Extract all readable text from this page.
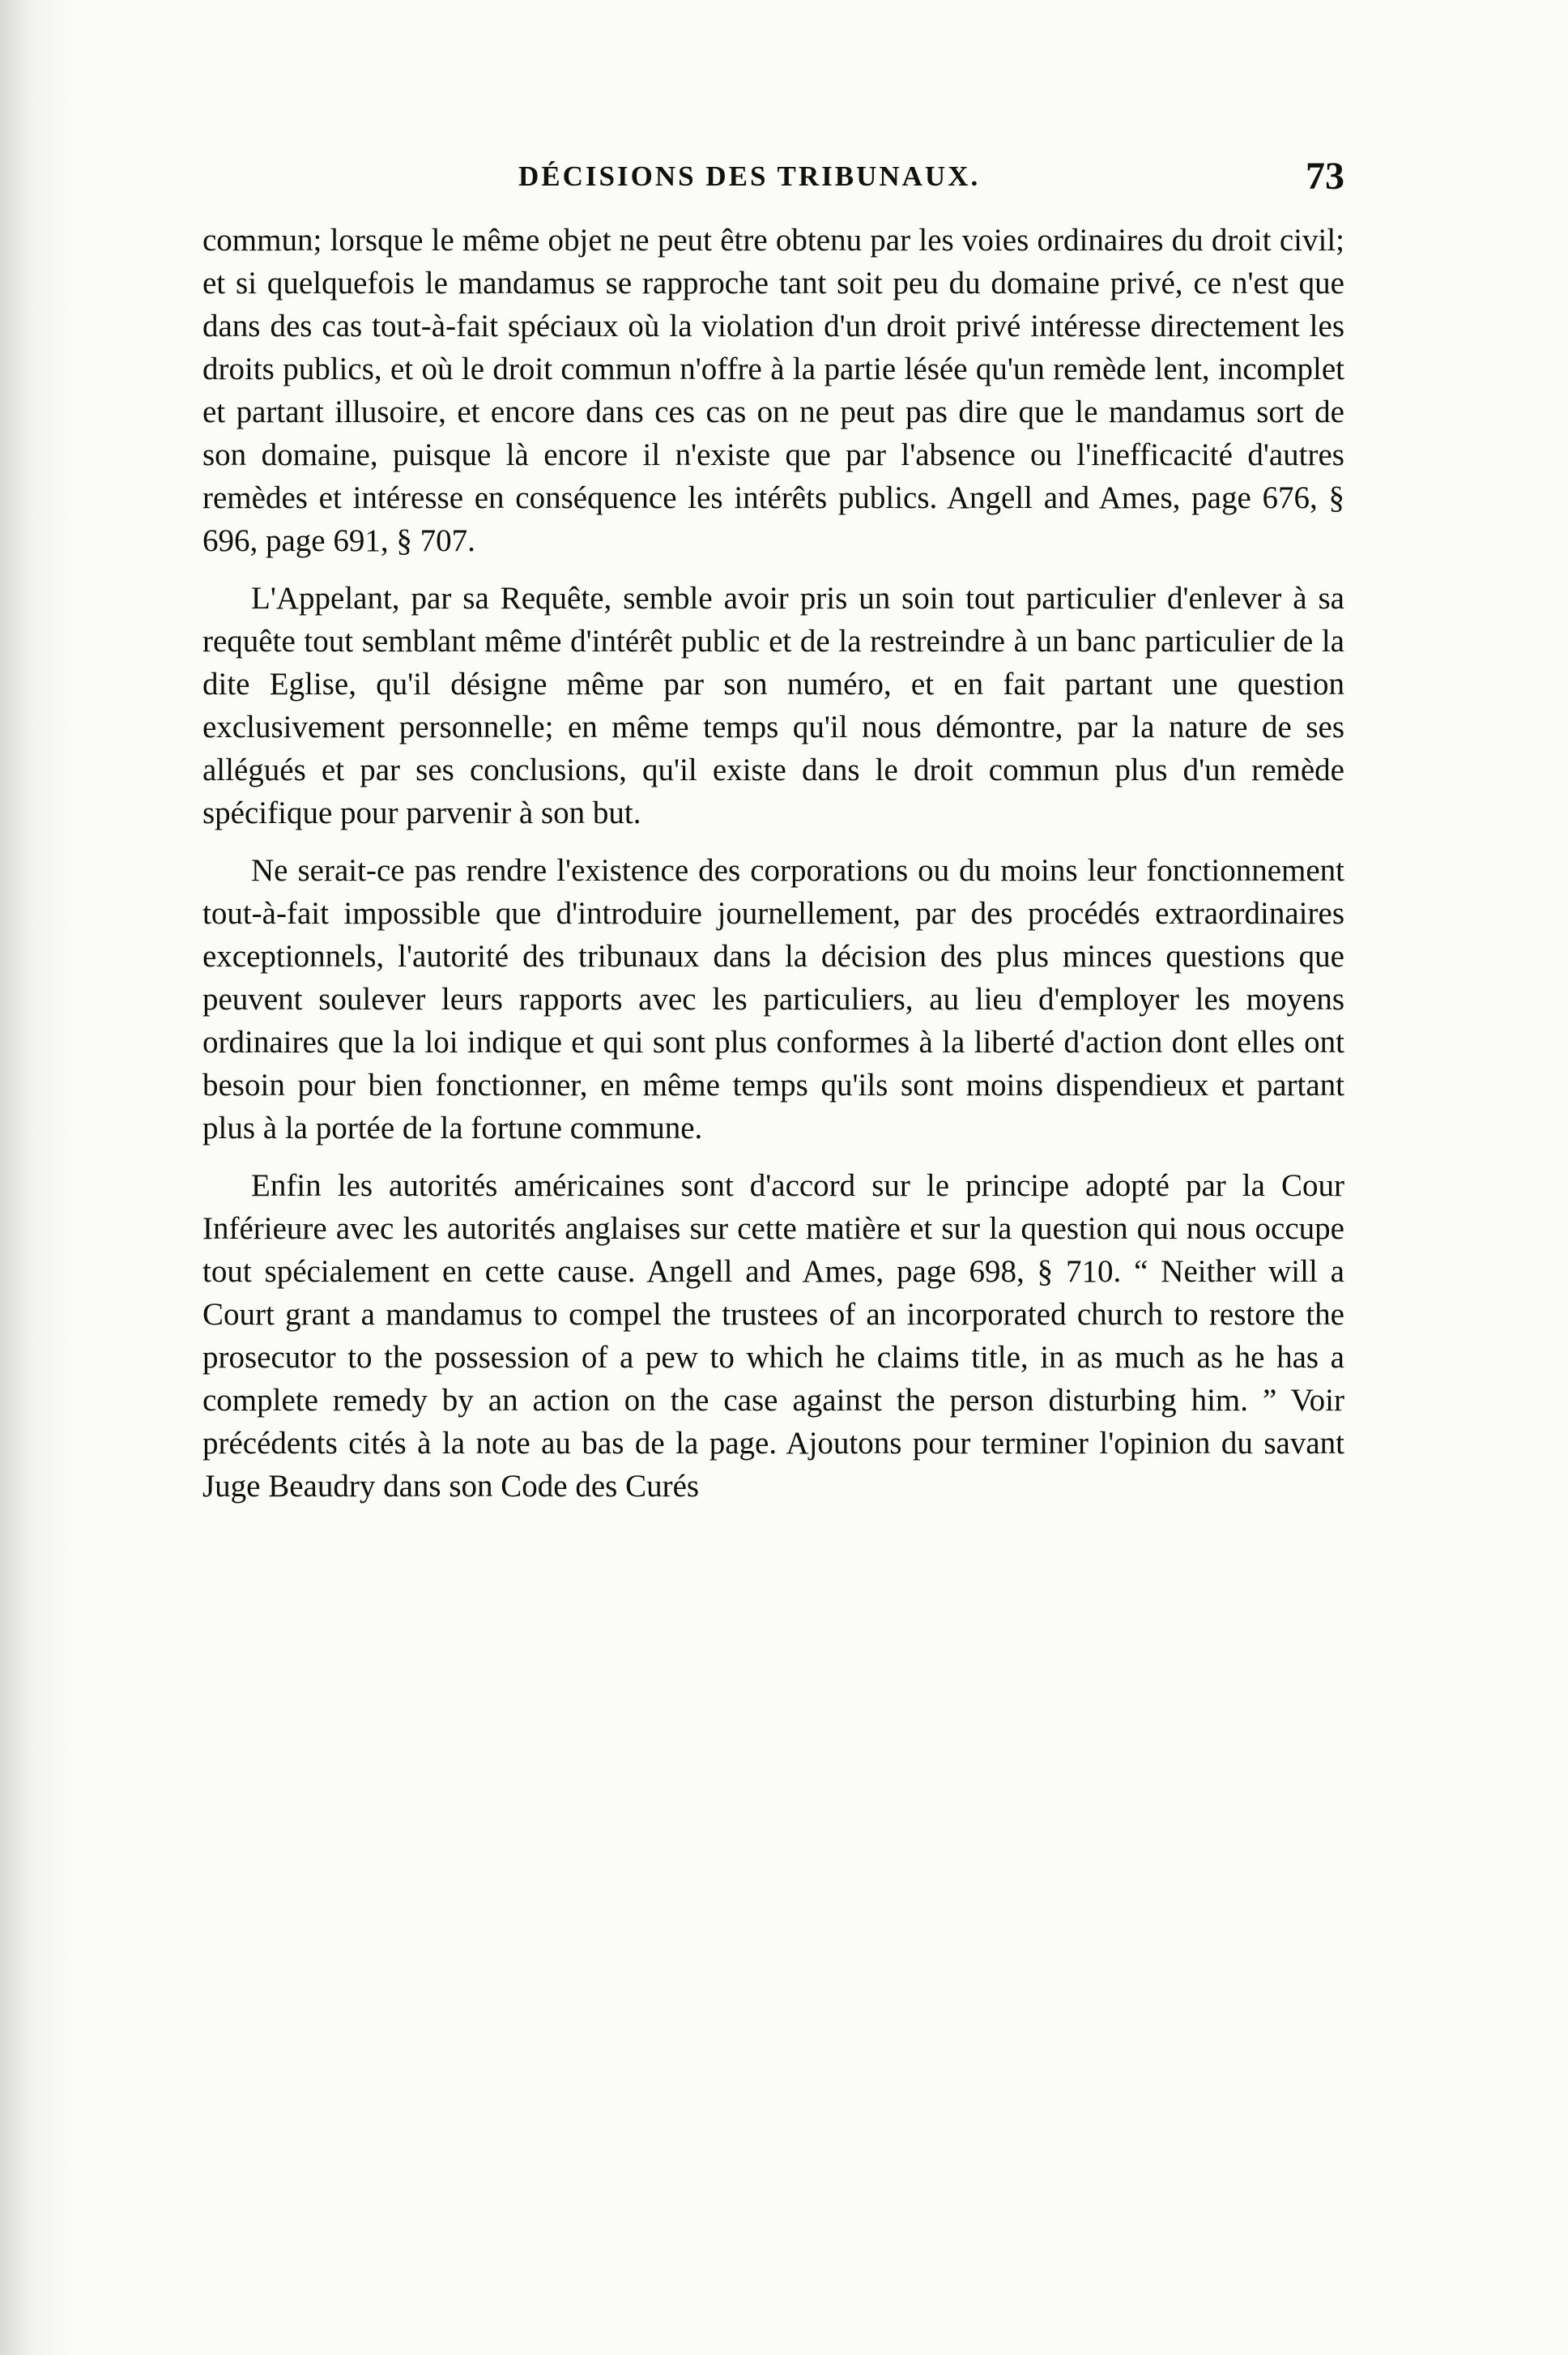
DÉCISIONS DES TRIBUNAUX.	73

commun; lorsque le même objet ne peut être obtenu par les voies ordinaires du droit civil; et si quelquefois le mandamus se rapproche tant soit peu du domaine privé, ce n'est que dans des cas tout-à-fait spéciaux où la violation d'un droit privé intéresse directement les droits publics, et où le droit commun n'offre à la partie lésée qu'un remède lent, incomplet et partant illusoire, et encore dans ces cas on ne peut pas dire que le mandamus sort de son domaine, puisque là encore il n'existe que par l'absence ou l'inefficacité d'autres remèdes et intéresse en conséquence les intérêts publics. Angell and Ames, page 676, § 696, page 691, § 707.

L'Appelant, par sa Requête, semble avoir pris un soin tout particulier d'enlever à sa requête tout semblant même d'intérêt public et de la restreindre à un banc particulier de la dite Eglise, qu'il désigne même par son numéro, et en fait partant une question exclusivement personnelle; en même temps qu'il nous démontre, par la nature de ses allégués et par ses conclusions, qu'il existe dans le droit commun plus d'un remède spécifique pour parvenir à son but.

Ne serait-ce pas rendre l'existence des corporations ou du moins leur fonctionnement tout-à-fait impossible que d'introduire journellement, par des procédés extraordinaires exceptionnels, l'autorité des tribunaux dans la décision des plus minces questions que peuvent soulever leurs rapports avec les particuliers, au lieu d'employer les moyens ordinaires que la loi indique et qui sont plus conformes à la liberté d'action dont elles ont besoin pour bien fonctionner, en même temps qu'ils sont moins dispendieux et partant plus à la portée de la fortune commune.

Enfin les autorités américaines sont d'accord sur le principe adopté par la Cour Inférieure avec les autorités anglaises sur cette matière et sur la question qui nous occupe tout spécialement en cette cause. Angell and Ames, page 698, § 710. “ Neither will a Court grant a mandamus to compel the trustees of an incorporated church to restore the prosecutor to the possession of a pew to which he claims title, in as much as he has a complete remedy by an action on the case against the person disturbing him. ” Voir précédents cités à la note au bas de la page. Ajoutons pour terminer l'opinion du savant Juge Beaudry dans son Code des Curés
